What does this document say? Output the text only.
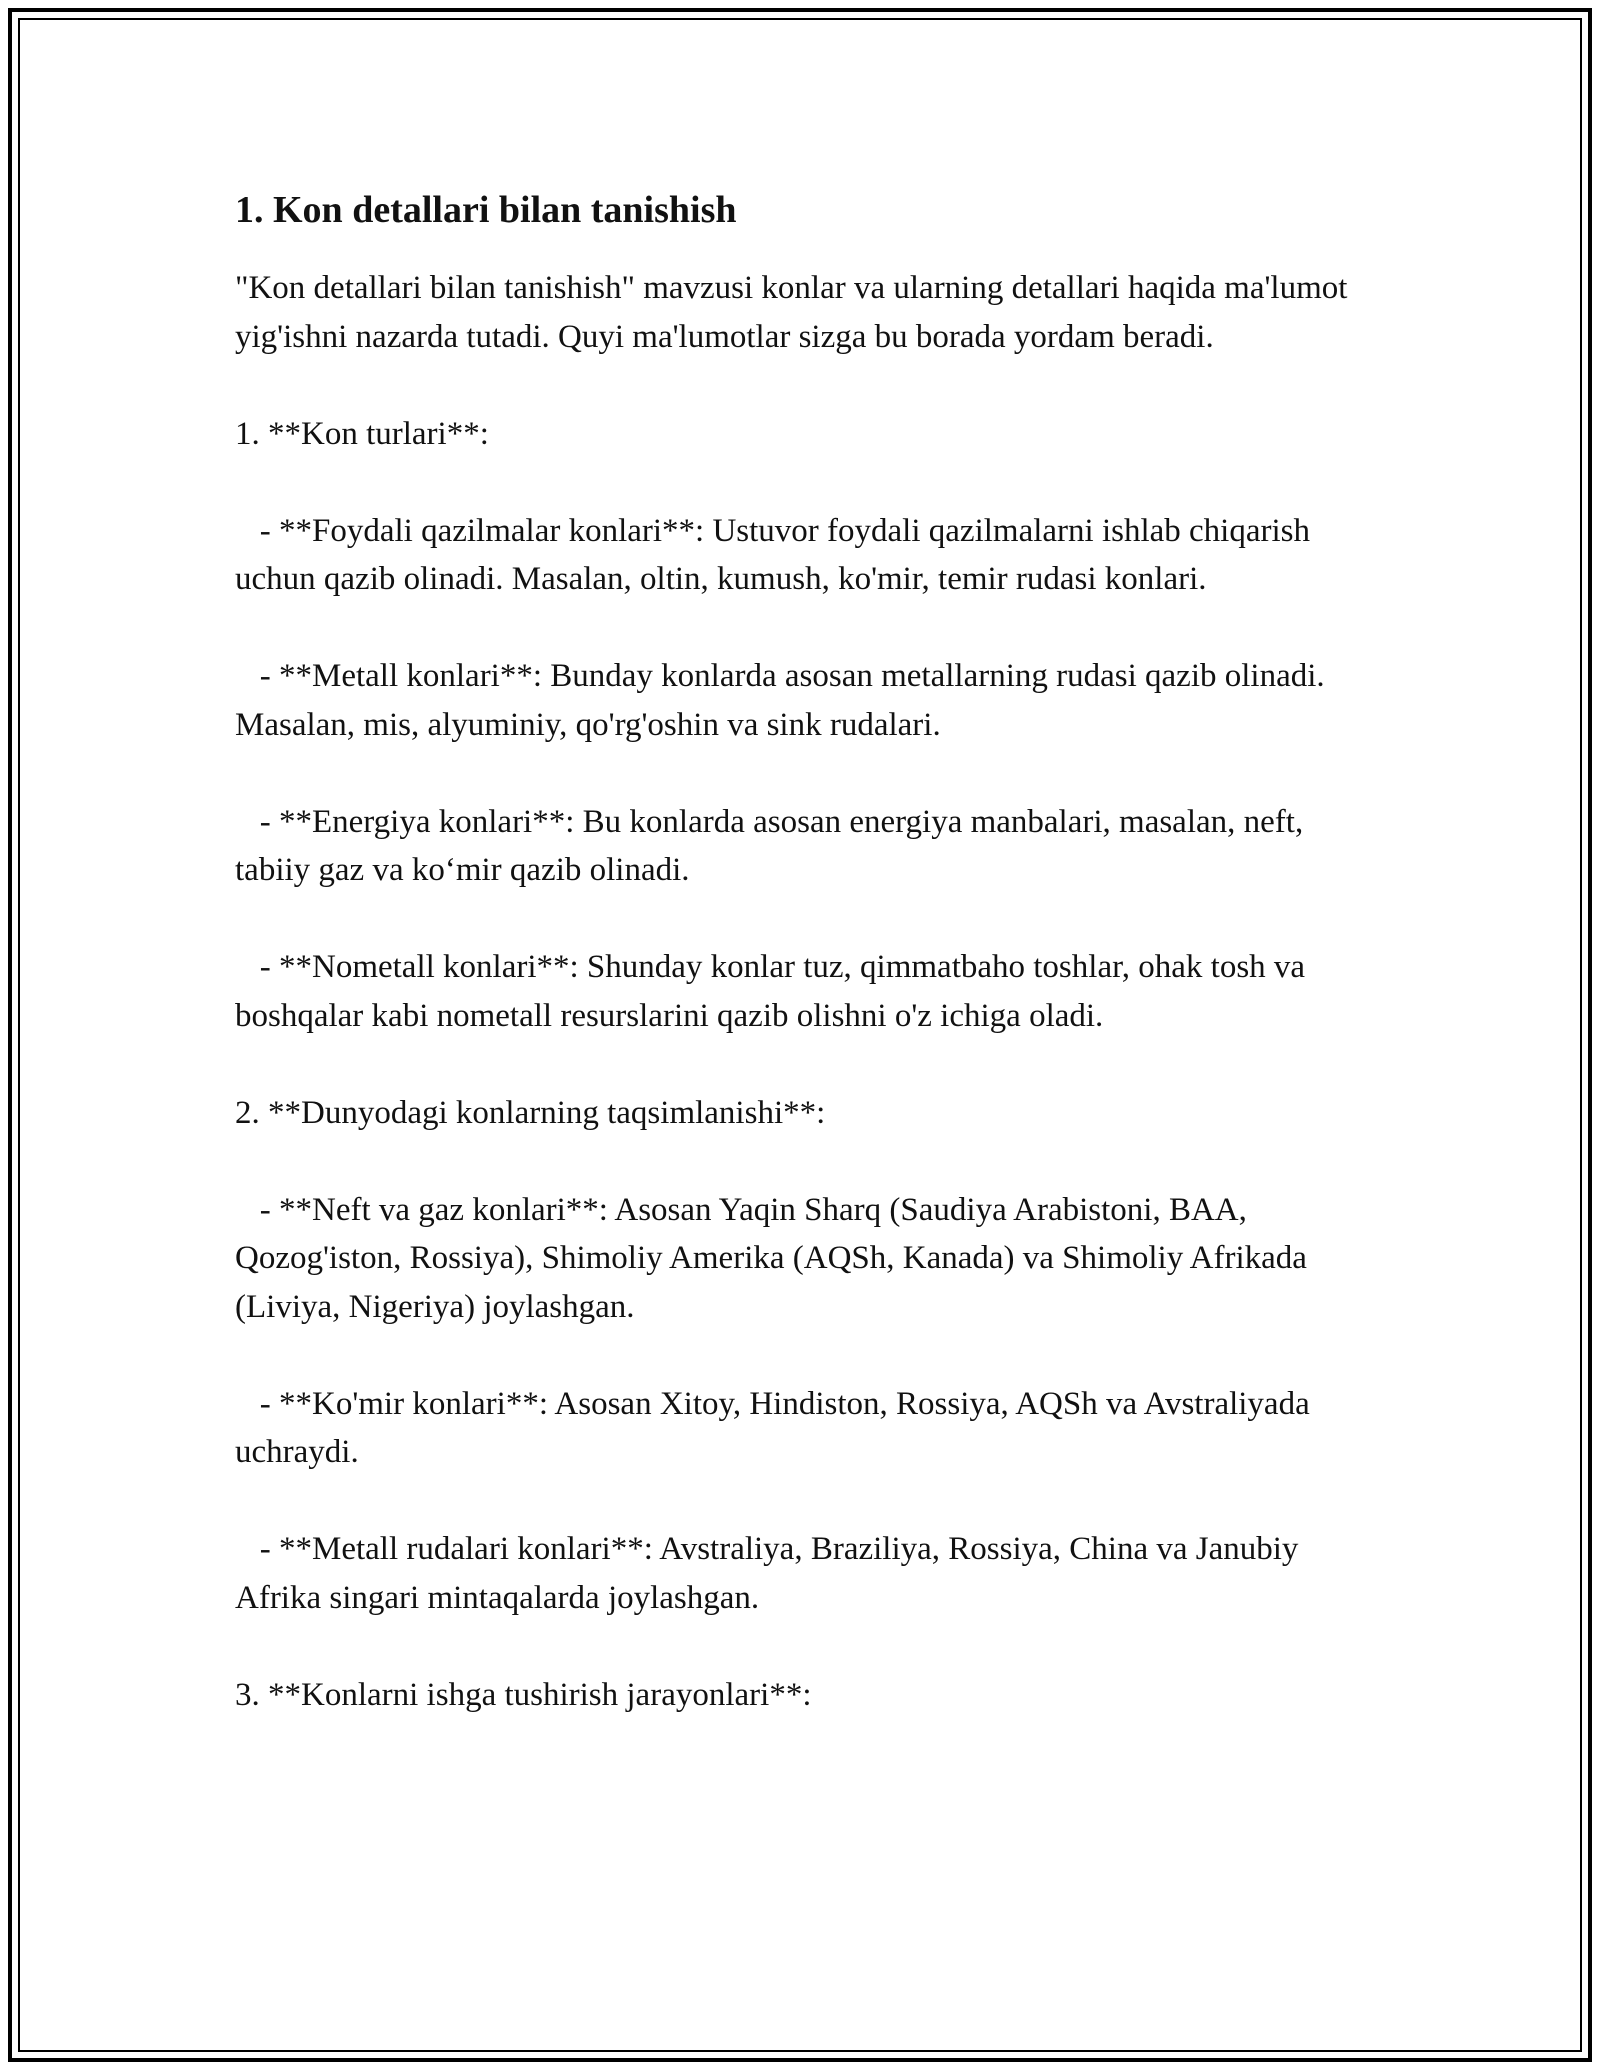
1. Kon detallari bilan tanishish

"Kon detallari bilan tanishish" mavzusi konlar va ularning detallari haqida ma'lumot yig'ishni nazarda tutadi. Quyi ma'lumotlar sizga bu borada yordam beradi.

1. **Kon turlari**:

- **Foydali qazilmalar konlari**: Ustuvor foydali qazilmalarni ishlab chiqarish uchun qazib olinadi. Masalan, oltin, kumush, ko'mir, temir rudasi konlari.

- **Metall konlari**: Bunday konlarda asosan metallarning rudasi qazib olinadi. Masalan, mis, alyuminiy, qo'rg'oshin va sink rudalari.

- **Energiya konlari**: Bu konlarda asosan energiya manbalari, masalan, neft, tabiiy gaz va ko‘mir qazib olinadi.

- **Nometall konlari**: Shunday konlar tuz, qimmatbaho toshlar, ohak tosh va boshqalar kabi nometall resurslarini qazib olishni o'z ichiga oladi.

2. **Dunyodagi konlarning taqsimlanishi**:

- **Neft va gaz konlari**: Asosan Yaqin Sharq (Saudiya Arabistoni, BAA, Qozog'iston, Rossiya), Shimoliy Amerika (AQSh, Kanada) va Shimoliy Afrikada (Liviya, Nigeriya) joylashgan.

- **Ko'mir konlari**: Asosan Xitoy, Hindiston, Rossiya, AQSh va Avstraliyada uchraydi.

- **Metall rudalari konlari**: Avstraliya, Braziliya, Rossiya, China va Janubiy Afrika singari mintaqalarda joylashgan.

3. **Konlarni ishga tushirish jarayonlari**:
